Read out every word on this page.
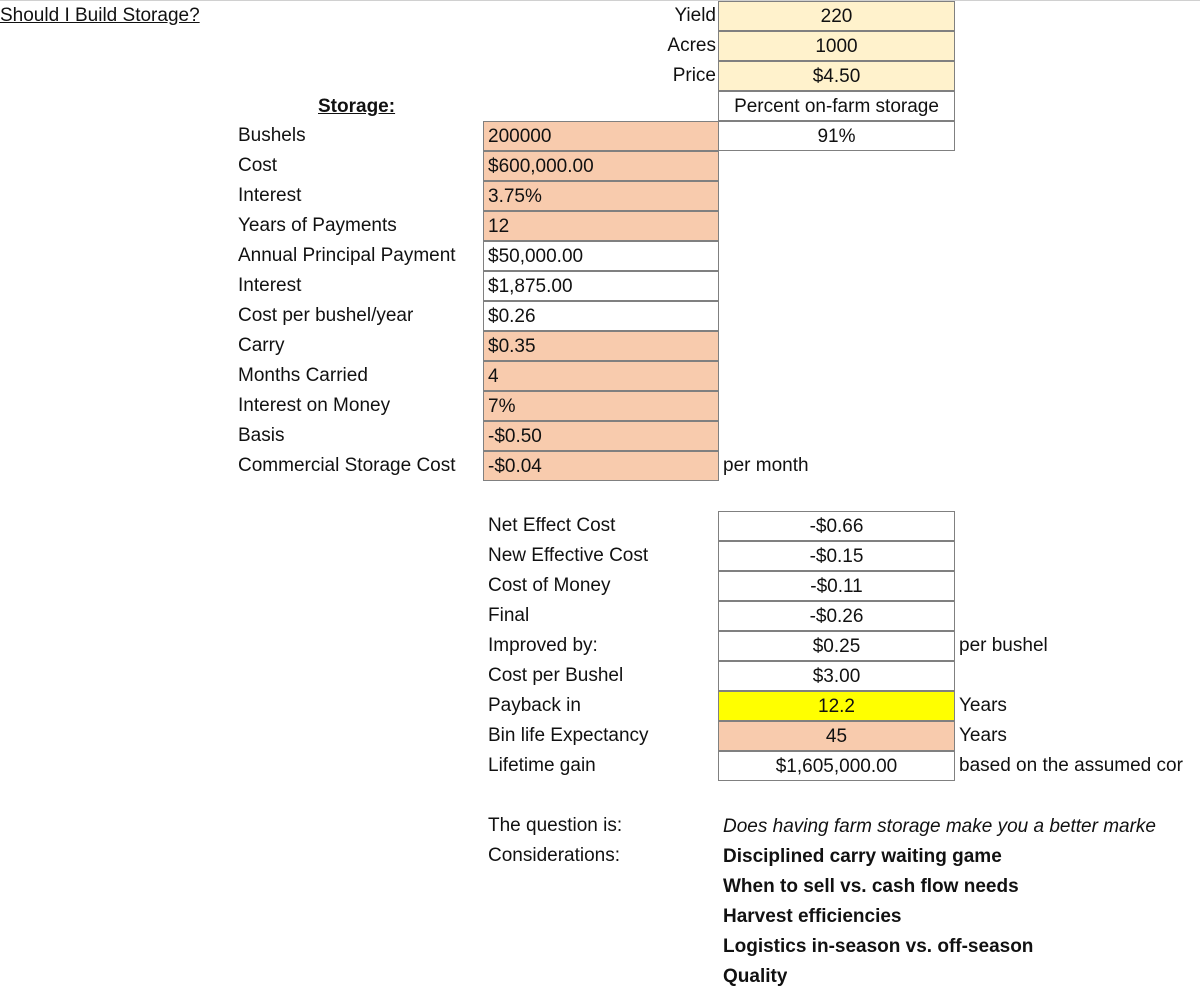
Should I Build Storage?	Yield	220
Acres	1000
Price	$4.50
Percent on-farm storage
91%
Storage:
Bushels	200000
Cost	$600,000.00
Interest	3.75%
Years of Payments	12
Annual Principal Payment $50,000.00
Interest	$1,875.00
Cost per bushel/year	$0.26
Carry	$0.35
Months Carried	4
Interest on Money	7%
Basis	-$0.50
Commercial Storage Cost -$0.04	per month
Net Effect Cost	-$0.66
New Effective Cost	-$0.15
Cost of Money	-$0.11
Final	-$0.26
Improved by:	$0.25	per bushel
Cost per Bushel	$3.00
Payback in	12.2	Years
Bin life Expectancy	45	Years
Lifetime gain	$1,605,000.00	based on the assumed cor
The question is:	Does having farm storage make you a better marke
Considerations:	Disciplined carry waiting game
When to sell vs. cash flow needs
Harvest efficiencies
Logistics in-season vs. off-season
Quality
